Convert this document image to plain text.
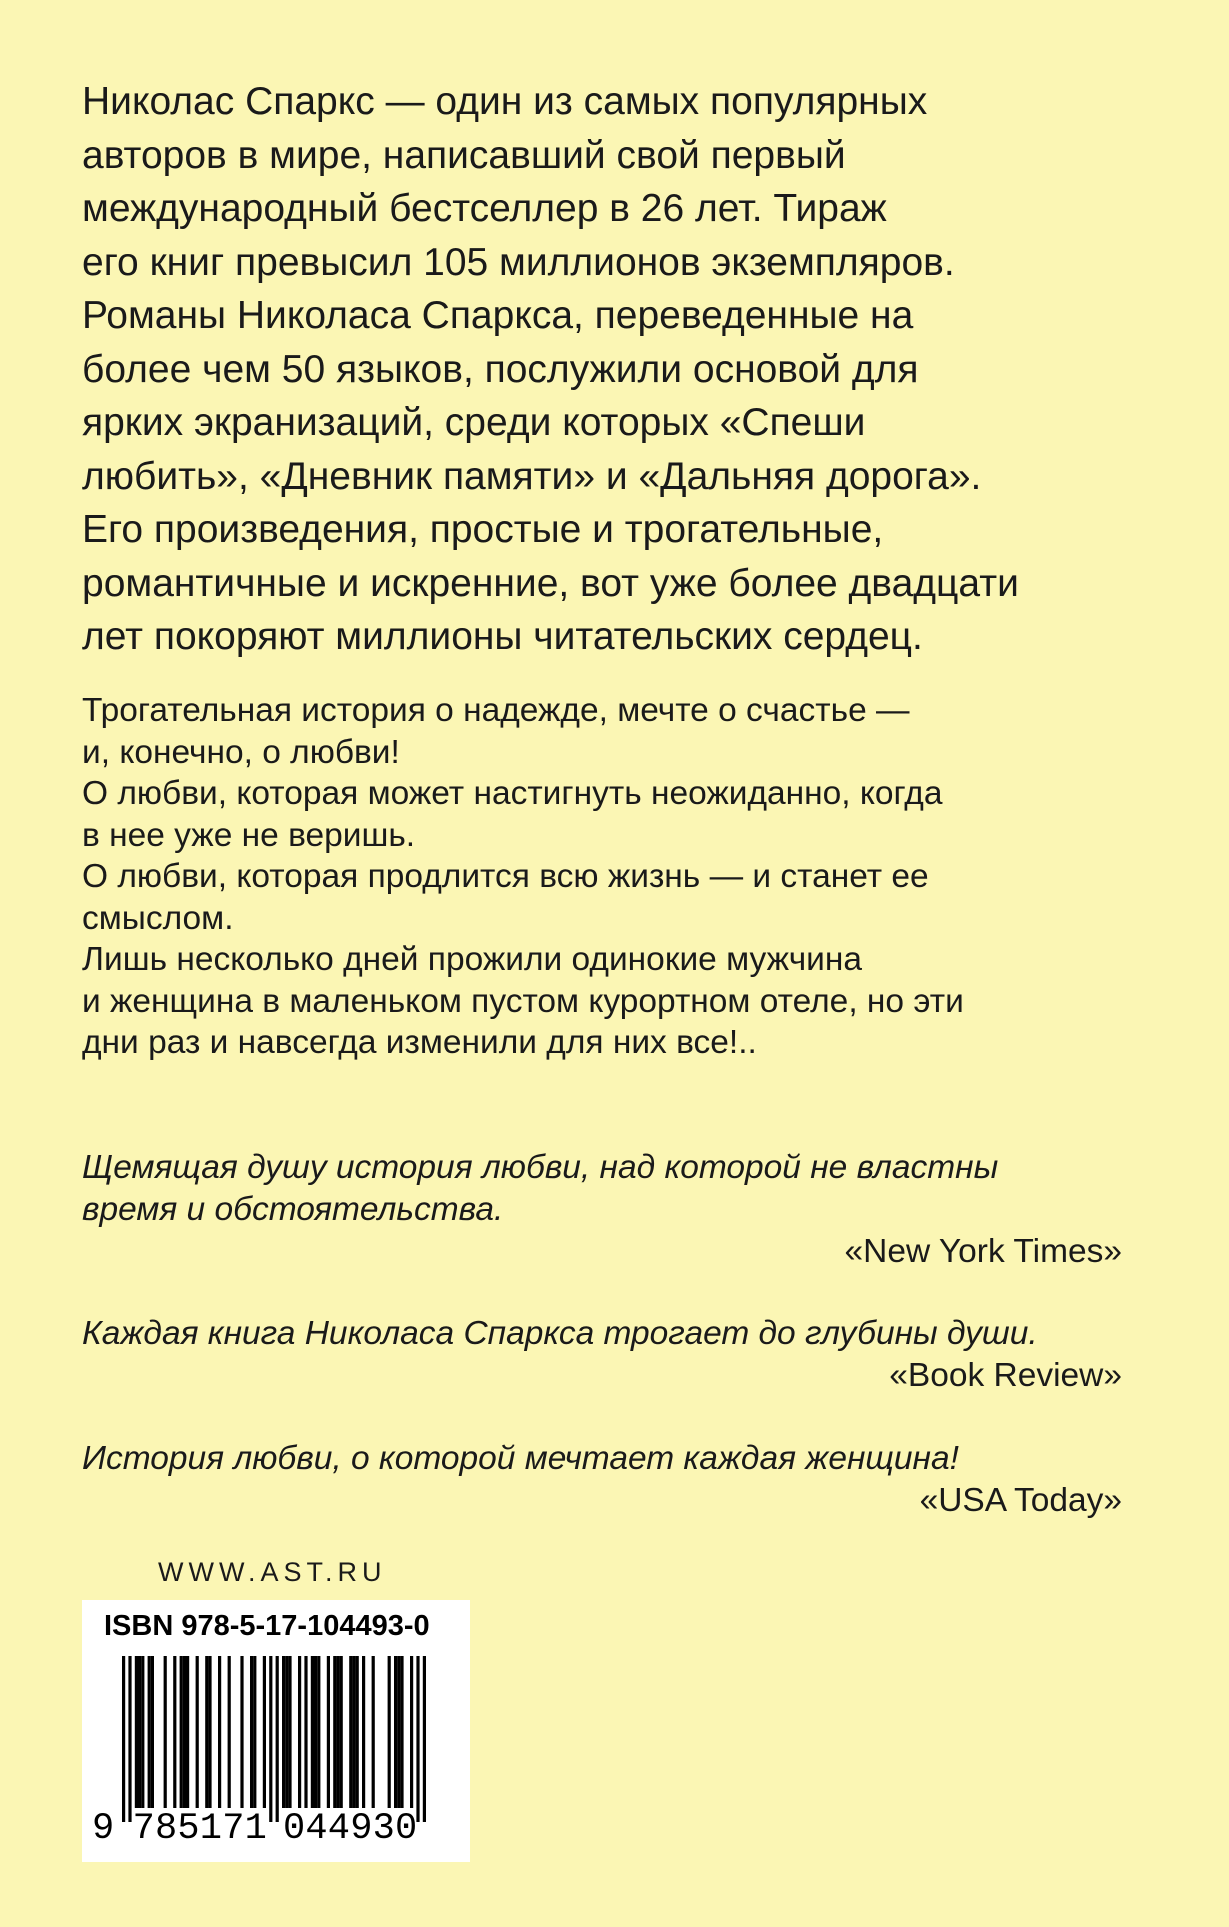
Николас Спаркс — один из самых популярных
авторов в мире, написавший свой первый
международный бестселлер в 26 лет. Тираж
его книг превысил 105 миллионов экземпляров.
Романы Николаса Спаркса, переведенные на
более чем 50 языков, послужили основой для
ярких экранизаций, среди которых «Спеши
любить», «Дневник памяти» и «Дальняя дорога».
Его произведения, простые и трогательные,
романтичные и искренние, вот уже более двадцати
лет покоряют миллионы читательских сердец.
Трогательная история о надежде, мечте о счастье —
и, конечно, о любви!
О любви, которая может настигнуть неожиданно, когда
в нее уже не веришь.
О любви, которая продлится всю жизнь — и станет ее
смыслом.
Лишь несколько дней прожили одинокие мужчина
и женщина в маленьком пустом курортном отеле, но эти
дни раз и навсегда изменили для них все!..
Щемящая душу история любви, над которой не властны
время и обстоятельства.
«New York Times»
Каждая книга Николаса Спаркса трогает до глубины души.
«Book Review»
История любви, о которой мечтает каждая женщина!
«USA Today»
WWW.AST.RU
ISBN 978-5-17-104493-0
9 7 8 5 1 7 1 0 4 4 9 3 0
